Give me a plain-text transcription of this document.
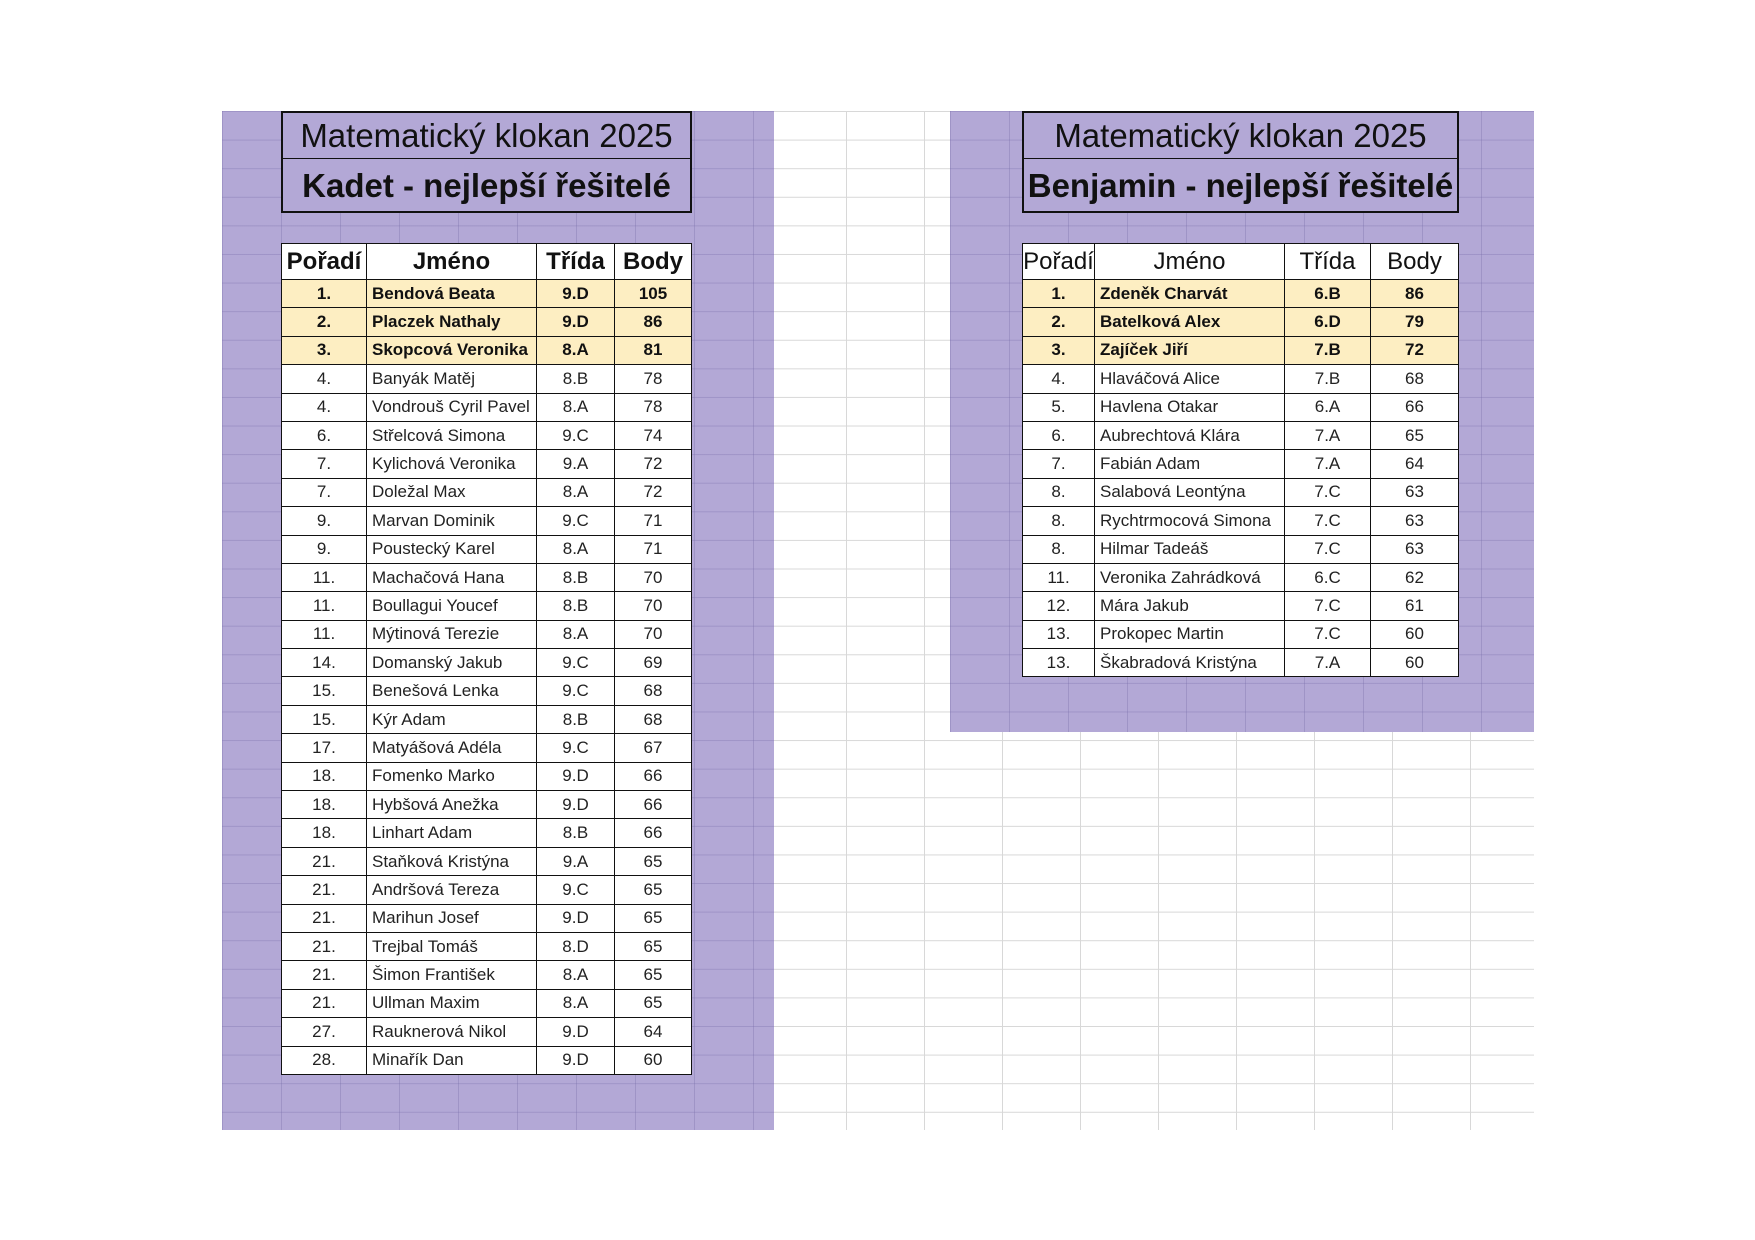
Matematický klokan 2025
Kadet - nejlepší řešitelé
Pořadí	Jméno	Třída	Body
1.	Bendová Beata	9.D	105
2.	Placzek Nathaly	9.D	86
3.	Skopcová Veronika	8.A	81
4.	Banyák Matěj	8.B	78
4.	Vondrouš Cyril Pavel	8.A	78
6.	Střelcová Simona	9.C	74
7.	Kylichová Veronika	9.A	72
7.	Doležal Max	8.A	72
9.	Marvan Dominik	9.C	71
9.	Poustecký Karel	8.A	71
11.	Machačová Hana	8.B	70
11.	Boullagui Youcef	8.B	70
11.	Mýtinová Terezie	8.A	70
14.	Domanský Jakub	9.C	69
15.	Benešová Lenka	9.C	68
15.	Kýr Adam	8.B	68
17.	Matyášová Adéla	9.C	67
18.	Fomenko Marko	9.D	66
18.	Hybšová Anežka	9.D	66
18.	Linhart Adam	8.B	66
21.	Staňková Kristýna	9.A	65
21.	Andršová Tereza	9.C	65
21.	Marihun Josef	9.D	65
21.	Trejbal Tomáš	8.D	65
21.	Šimon František	8.A	65
21.	Ullman Maxim	8.A	65
27.	Rauknerová Nikol	9.D	64
28.	Minařík Dan	9.D	60
Matematický klokan 2025
Benjamin - nejlepší řešitelé
Pořadí	Jméno	Třída	Body
1.	Zdeněk Charvát	6.B	86
2.	Batelková Alex	6.D	79
3.	Zajíček Jiří	7.B	72
4.	Hlaváčová Alice	7.B	68
5.	Havlena Otakar	6.A	66
6.	Aubrechtová Klára	7.A	65
7.	Fabián Adam	7.A	64
8.	Salabová Leontýna	7.C	63
8.	Rychtrmocová Simona	7.C	63
8.	Hilmar Tadeáš	7.C	63
11.	Veronika Zahrádková	6.C	62
12.	Mára Jakub	7.C	61
13.	Prokopec Martin	7.C	60
13.	Škabradová Kristýna	7.A	60
